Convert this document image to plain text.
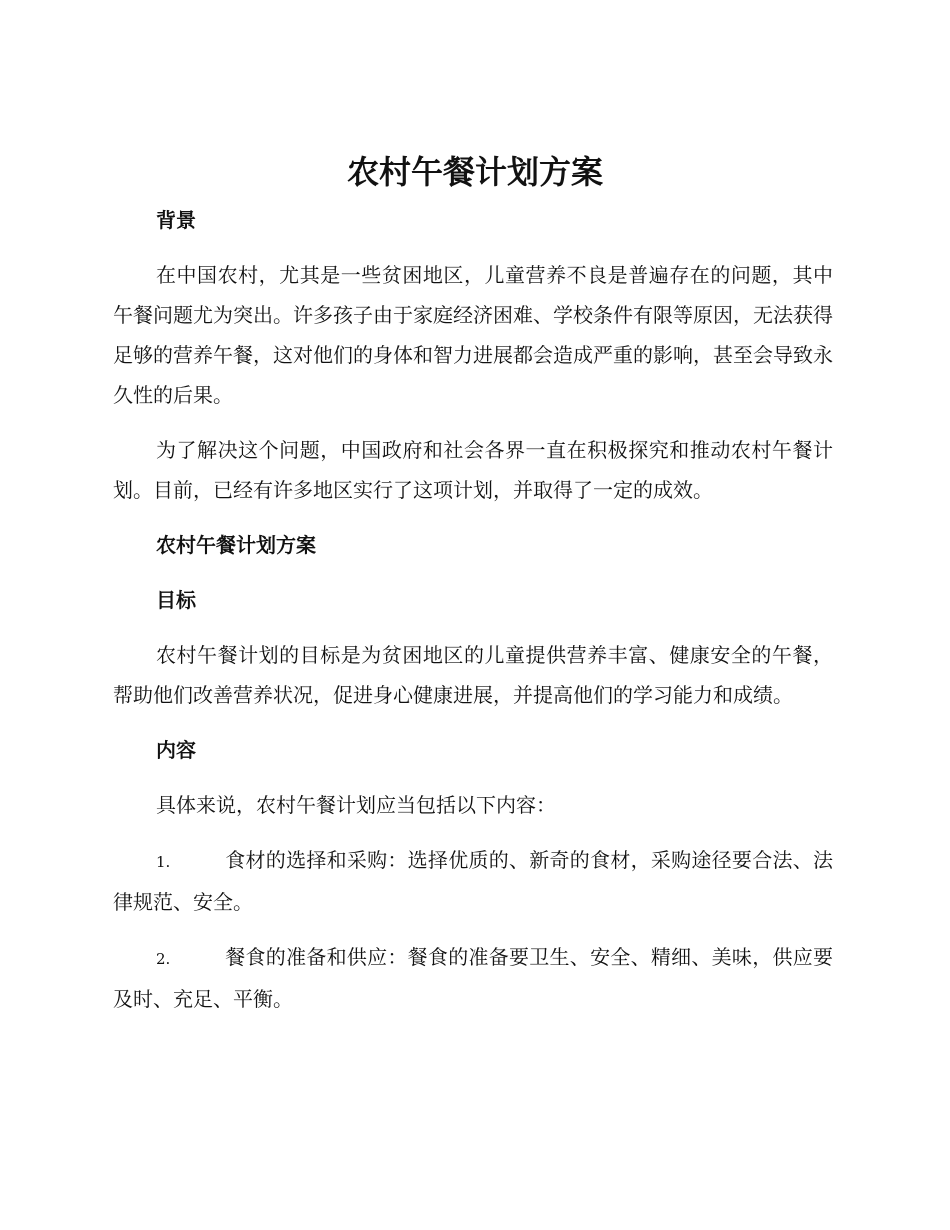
农村午餐计划方案

背景

在中国农村，尤其是一些贫困地区，儿童营养不良是普遍存在的问题，其中午餐问题尤为突出。许多孩子由于家庭经济困难、学校条件有限等原因，无法获得足够的营养午餐，这对他们的身体和智力进展都会造成严重的影响，甚至会导致永久性的后果。

为了解决这个问题，中国政府和社会各界一直在积极探究和推动农村午餐计划。目前，已经有许多地区实行了这项计划，并取得了一定的成效。

农村午餐计划方案

目标

农村午餐计划的目标是为贫困地区的儿童提供营养丰富、健康安全的午餐，帮助他们改善营养状况，促进身心健康进展，并提高他们的学习能力和成绩。

内容

具体来说，农村午餐计划应当包括以下内容：

1.	食材的选择和采购：选择优质的、新奇的食材，采购途径要合法、法律规范、安全。

2.	餐食的准备和供应：餐食的准备要卫生、安全、精细、美味，供应要及时、充足、平衡。
